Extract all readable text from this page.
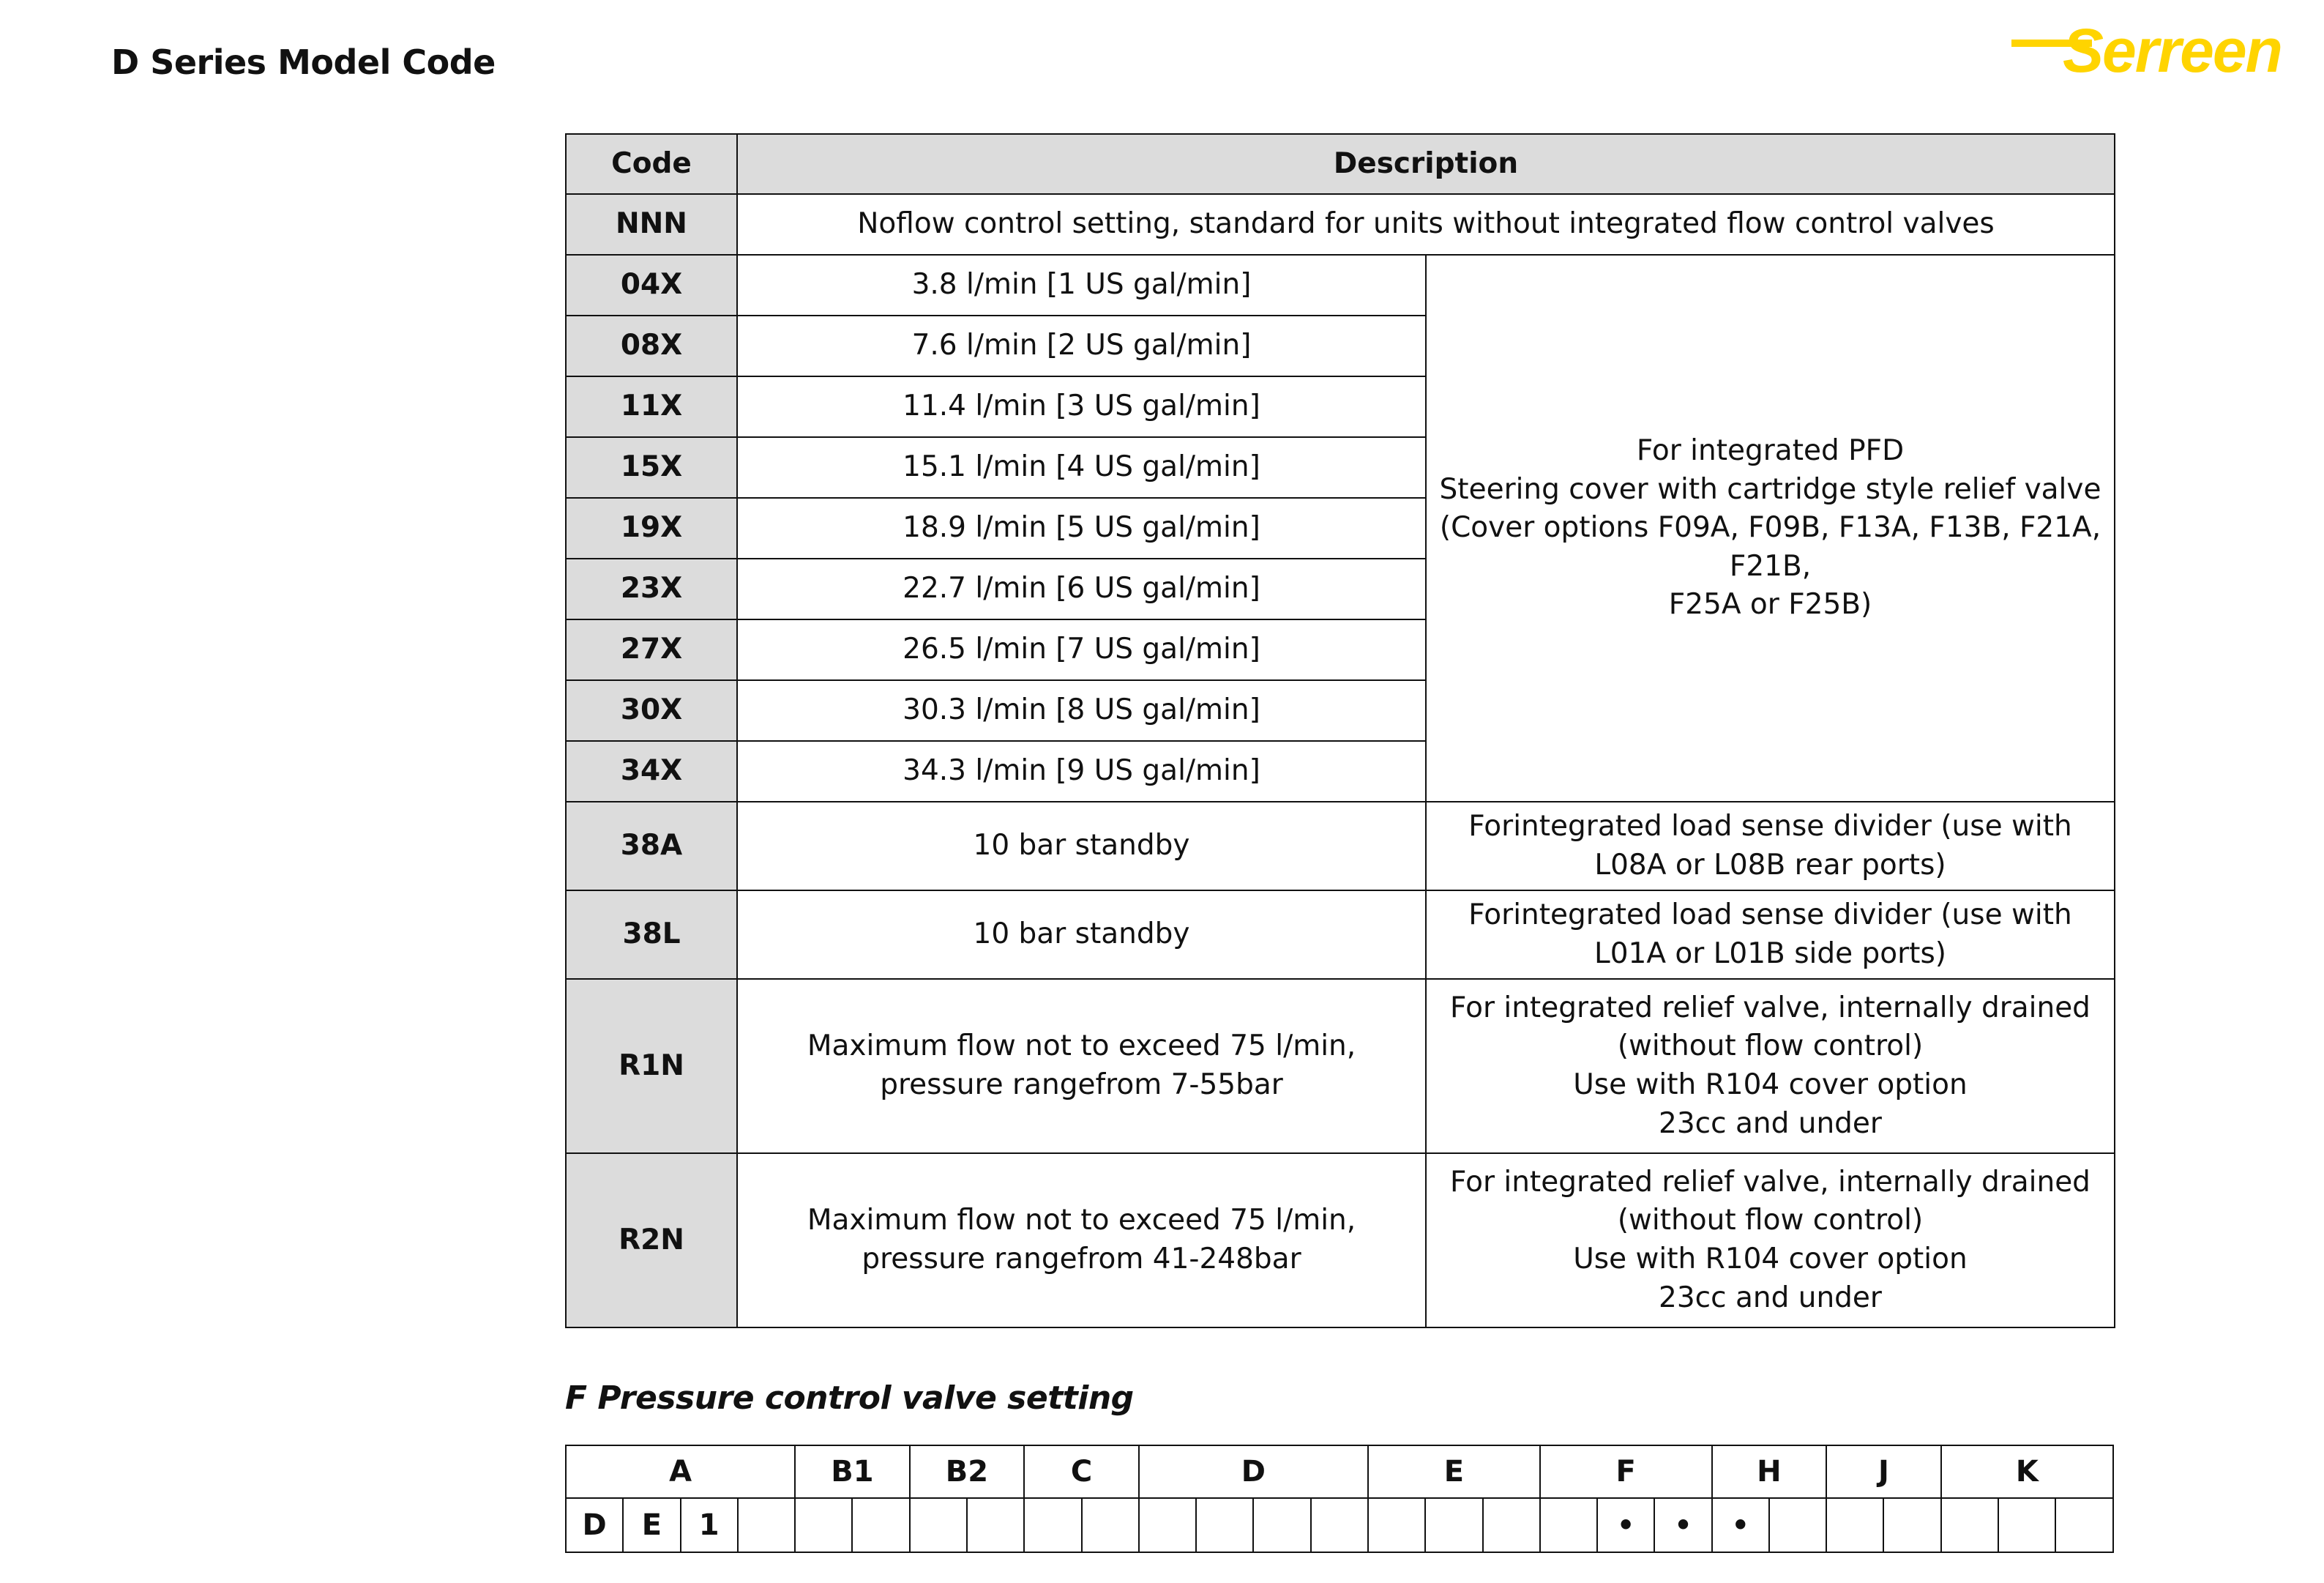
D Series Model Code	Serreen
Code	Description	
NNN	Noflow control setting, standard for units without integrated flow control valves	
04X	3.8 l/min [1 US gal/min]	For integrated PFD
Steering cover with cartridge style relief valve
(Cover options F09A, F09B, F13A, F13B, F21A, F21B,
F25A or F25B)

08X	7.6 l/min [2 US gal/min]	
11X	11.4 l/min [3 US gal/min]	
15X	15.1 l/min [4 US gal/min]	
19X	18.9 l/min [5 US gal/min]	
23X	22.7 l/min [6 US gal/min]	
27X	26.5 l/min [7 US gal/min]	
30X	30.3 l/min [8 US gal/min]	
34X	34.3 l/min [9 US gal/min]	
38A	10 bar standby	Forintegrated load sense divider (use with L08A or L08B rear ports)
38L	10 bar standby	Forintegrated load sense divider (use with L01A or L01B side ports)
R1N	Maximum flow not to exceed 75 l/min, pressure rangefrom 7-55bar	For integrated relief valve, internally drained
(without flow control)
Use with R104 cover option
23cc and under

R2N	Maximum flow not to exceed 75 l/min, pressure rangefrom 41-248bar	For integrated relief valve, internally drained
(without flow control)
Use with R104 cover option
23cc and under
F Pressure control valve setting
A				B1		B2		C		D				E			F			H		J		K		
D	E	1																•	•	•						
